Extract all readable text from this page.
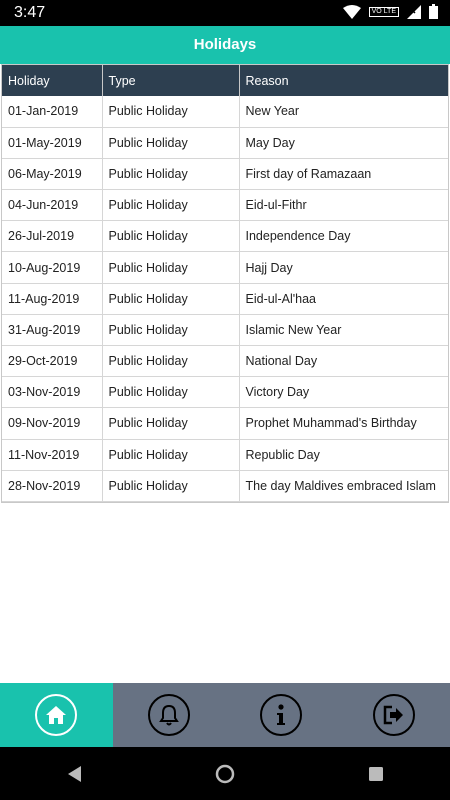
3:47	VO LTE
Holidays
Holiday	Type	Reason
01-Jan-2019	Public Holiday	New Year
01-May-2019	Public Holiday	May Day
06-May-2019	Public Holiday	First day of Ramazaan
04-Jun-2019	Public Holiday	Eid-ul-Fithr
26-Jul-2019	Public Holiday	Independence Day
10-Aug-2019	Public Holiday	Hajj Day
11-Aug-2019	Public Holiday	Eid-ul-Al'haa
31-Aug-2019	Public Holiday	Islamic New Year
29-Oct-2019	Public Holiday	National Day
03-Nov-2019	Public Holiday	Victory Day
09-Nov-2019	Public Holiday	Prophet Muhammad's Birthday
11-Nov-2019	Public Holiday	Republic Day
28-Nov-2019	Public Holiday	The day Maldives embraced Islam
